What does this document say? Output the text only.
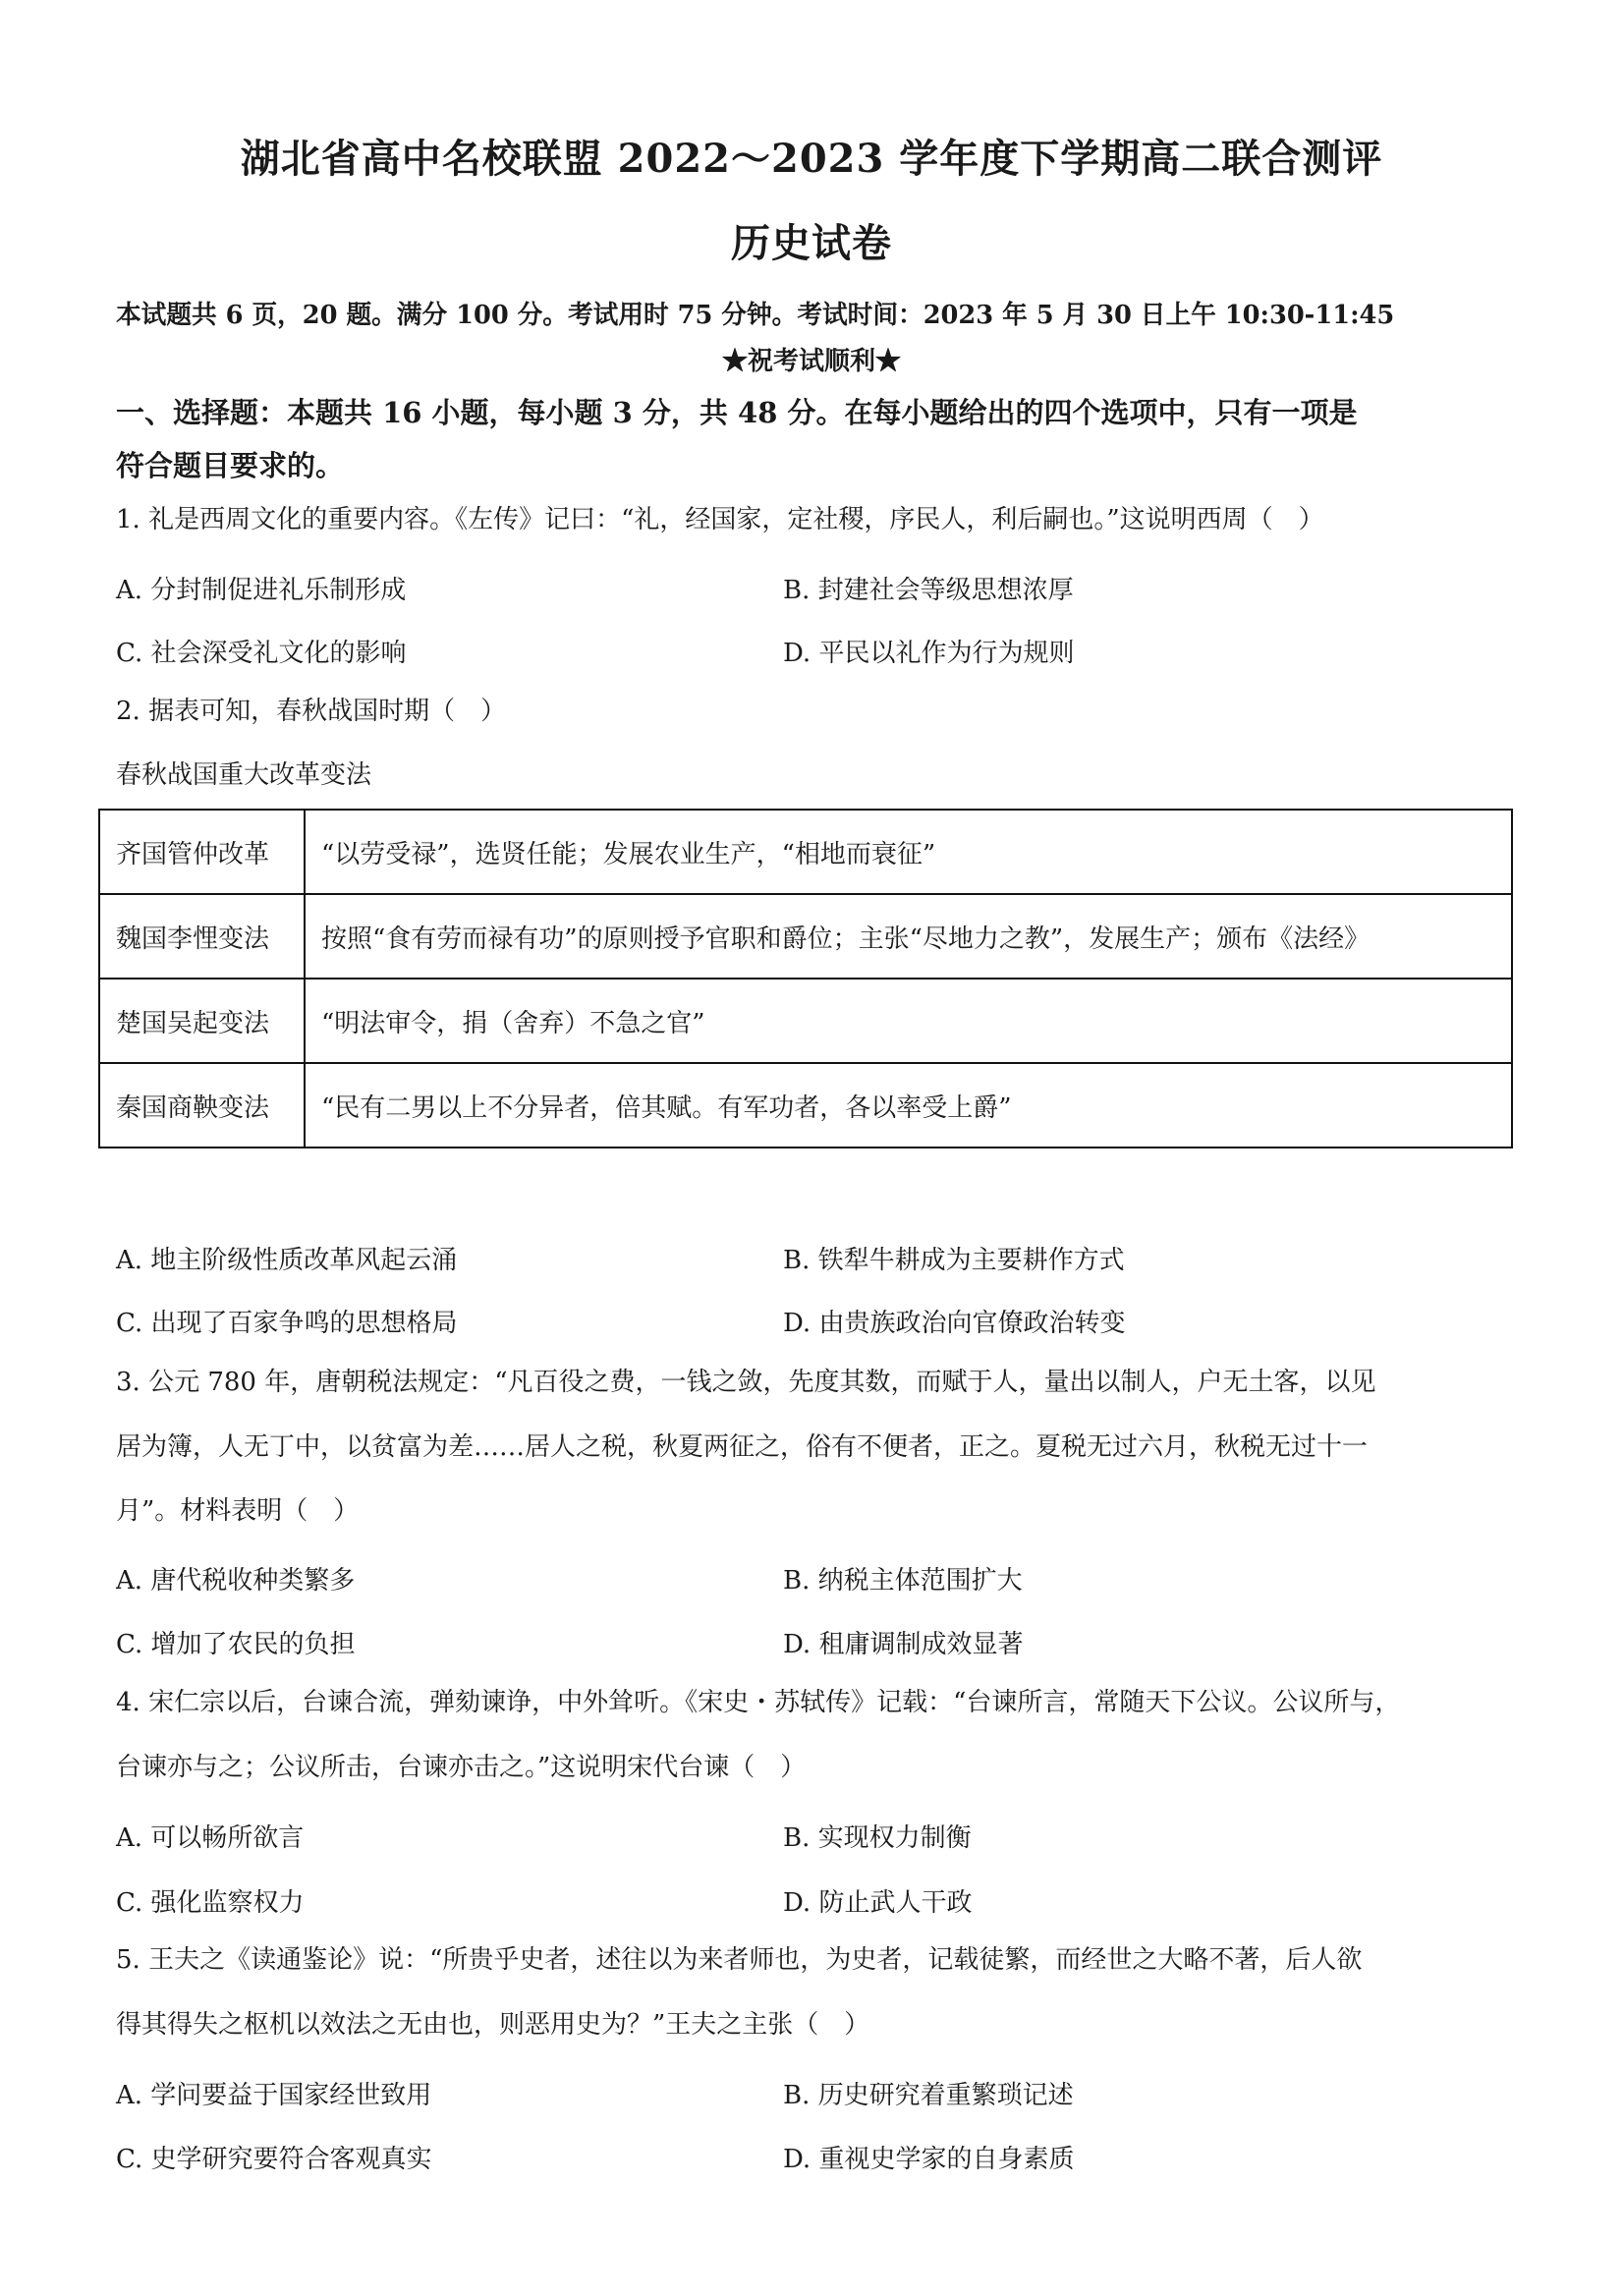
湖北省高中名校联盟 2022～2023 学年度下学期高二联合测评
历史试卷
本试题共 6 页，20 题。满分 100 分。考试用时 75 分钟。考试时间：2023 年 5 月 30 日上午 10:30-11:45
★祝考试顺利★
一、选择题：本题共 16 小题，每小题 3 分，共 48 分。在每小题给出的四个选项中，只有一项是
符合题目要求的。
1. 礼是西周文化的重要内容。《左传》记曰：“礼，经国家，定社稷，序民人，利后嗣也。”这说明西周（　）
A. 分封制促进礼乐制形成	B. 封建社会等级思想浓厚
C. 社会深受礼文化的影响	D. 平民以礼作为行为规则
2. 据表可知，春秋战国时期（　）
春秋战国重大改革变法
齐国管仲改革	“以劳受禄”，选贤任能；发展农业生产，“相地而衰征”
魏国李悝变法	按照“食有劳而禄有功”的原则授予官职和爵位；主张“尽地力之教”，发展生产；颁布《法经》
楚国吴起变法	“明法审令，捐（舍弃）不急之官”
秦国商鞅变法	“民有二男以上不分异者，倍其赋。有军功者，各以率受上爵”
A. 地主阶级性质改革风起云涌	B. 铁犁牛耕成为主要耕作方式
C. 出现了百家争鸣的思想格局	D. 由贵族政治向官僚政治转变
3. 公元 780 年，唐朝税法规定：“凡百役之费，一钱之敛，先度其数，而赋于人，量出以制人，户无土客，以见
居为簿，人无丁中，以贫富为差……居人之税，秋夏两征之，俗有不便者，正之。夏税无过六月，秋税无过十一
月”。材料表明（　）
A. 唐代税收种类繁多	B. 纳税主体范围扩大
C. 增加了农民的负担	D. 租庸调制成效显著
4. 宋仁宗以后，台谏合流，弹劾谏诤，中外耸听。《宋史・苏轼传》记载：“台谏所言，常随天下公议。公议所与，
台谏亦与之；公议所击，台谏亦击之。”这说明宋代台谏（　）
A. 可以畅所欲言	B. 实现权力制衡
C. 强化监察权力	D. 防止武人干政
5. 王夫之《读通鉴论》说：“所贵乎史者，述往以为来者师也，为史者，记载徒繁，而经世之大略不著，后人欲
得其得失之枢机以效法之无由也，则恶用史为？”王夫之主张（　）
A. 学问要益于国家经世致用	B. 历史研究着重繁琐记述
C. 史学研究要符合客观真实	D. 重视史学家的自身素质
